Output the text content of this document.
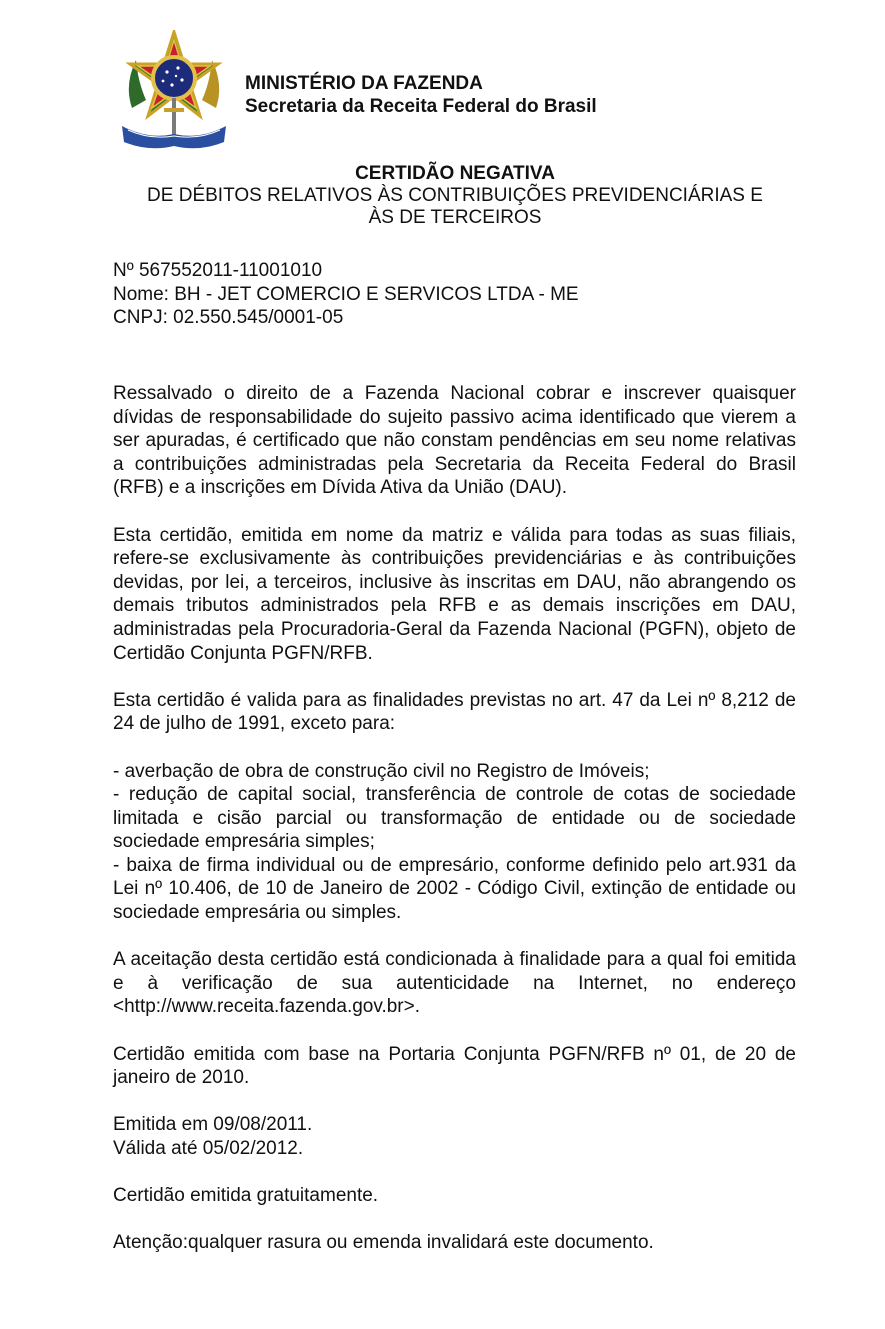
MINISTÉRIO DA FAZENDA
Secretaria da Receita Federal do Brasil
CERTIDÃO NEGATIVA
DE DÉBITOS RELATIVOS ÀS CONTRIBUIÇÕES PREVIDENCIÁRIAS E
ÀS DE TERCEIROS
Nº 567552011-11001010
Nome: BH - JET COMERCIO E SERVICOS LTDA - ME
CNPJ: 02.550.545/0001-05

Ressalvado o direito de a Fazenda Nacional cobrar e inscrever quaisquer dívidas de responsabilidade do sujeito passivo acima identificado que vierem a ser apuradas, é certificado que não constam pendências em seu nome relativas a contribuições administradas pela Secretaria da Receita Federal do Brasil (RFB) e a inscrições em Dívida Ativa da União (DAU).

Esta certidão, emitida em nome da matriz e válida para todas as suas filiais, refere-se exclusivamente às contribuições previdenciárias e às contribuições devidas, por lei, a terceiros, inclusive às inscritas em DAU, não abrangendo os demais tributos administrados pela RFB e as demais inscrições em DAU, administradas pela Procuradoria-Geral da Fazenda Nacional (PGFN), objeto de Certidão Conjunta PGFN/RFB.

Esta certidão é valida para as finalidades previstas no art. 47 da Lei nº 8,212 de 24 de julho de 1991, exceto para:

- averbação de obra de construção civil no Registro de Imóveis;
- redução de capital social, transferência de controle de cotas de sociedade limitada e cisão parcial ou transformação de entidade ou de sociedade sociedade empresária simples;
- baixa de firma individual ou de empresário, conforme definido pelo art.931 da Lei nº 10.406, de 10 de Janeiro de 2002 - Código Civil, extinção de entidade ou sociedade empresária ou simples.

A aceitação desta certidão está condicionada à finalidade para a qual foi emitida e à verificação de sua autenticidade na Internet, no endereço <http://www.receita.fazenda.gov.br>.

Certidão emitida com base na Portaria Conjunta PGFN/RFB nº 01, de 20 de janeiro de 2010.

Emitida em 09/08/2011.
Válida até 05/02/2012.

Certidão emitida gratuitamente.

Atenção:qualquer rasura ou emenda invalidará este documento.
